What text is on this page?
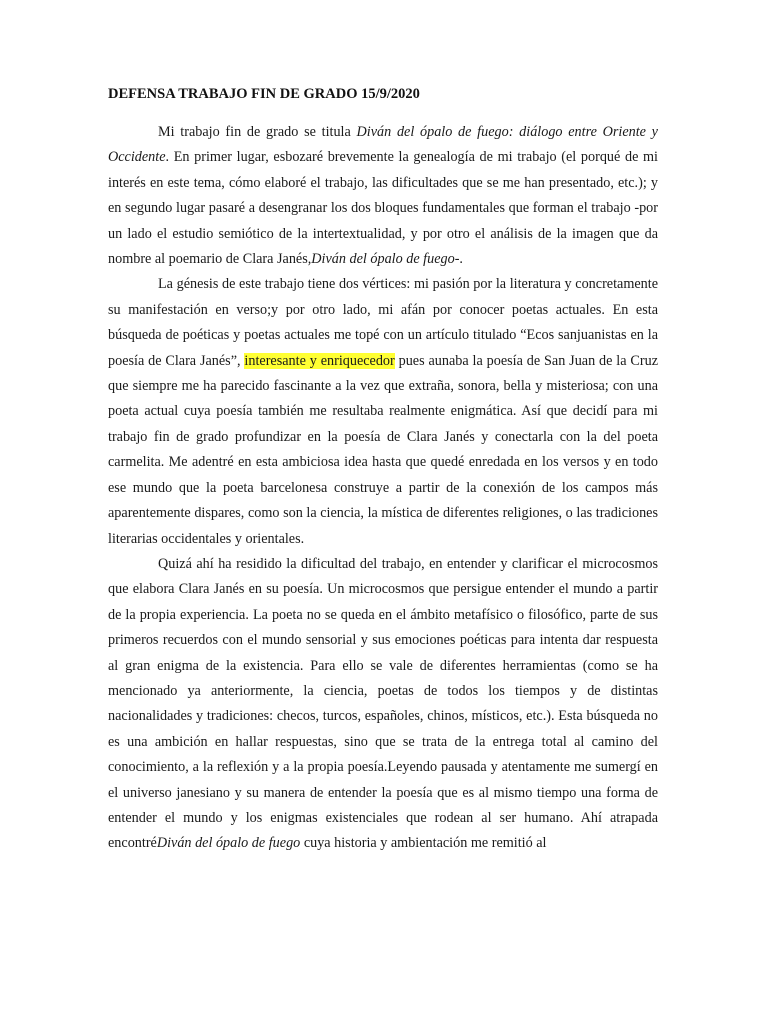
DEFENSA TRABAJO FIN DE GRADO 15/9/2020

Mi trabajo fin de grado se titula Diván del ópalo de fuego: diálogo entre Oriente y Occidente. En primer lugar, esbozaré brevemente la genealogía de mi trabajo (el porqué de mi interés en este tema, cómo elaboré el trabajo, las dificultades que se me han presentado, etc.); y en segundo lugar pasaré a desengranar los dos bloques fundamentales que forman el trabajo -por un lado el estudio semiótico de la intertextualidad, y por otro el análisis de la imagen que da nombre al poemario de Clara Janés,Diván del ópalo de fuego-.

La génesis de este trabajo tiene dos vértices: mi pasión por la literatura y concretamente su manifestación en verso;y por otro lado, mi afán por conocer poetas actuales. En esta búsqueda de poéticas y poetas actuales me topé con un artículo titulado “Ecos sanjuanistas en la poesía de Clara Janés”, interesante y enriquecedor pues aunaba la poesía de San Juan de la Cruz que siempre me ha parecido fascinante a la vez que extraña, sonora, bella y misteriosa; con una poeta actual cuya poesía también me resultaba realmente enigmática. Así que decidí para mi trabajo fin de grado profundizar en la poesía de Clara Janés y conectarla con la del poeta carmelita. Me adentré en esta ambiciosa idea hasta que quedé enredada en los versos y en todo ese mundo que la poeta barcelonesa construye a partir de la conexión de los campos más aparentemente dispares, como son la ciencia, la mística de diferentes religiones, o las tradiciones literarias occidentales y orientales.

Quizá ahí ha residido la dificultad del trabajo, en entender y clarificar el microcosmos que elabora Clara Janés en su poesía. Un microcosmos que persigue entender el mundo a partir de la propia experiencia. La poeta no se queda en el ámbito metafísico o filosófico, parte de sus primeros recuerdos con el mundo sensorial y sus emociones poéticas para intenta dar respuesta al gran enigma de la existencia. Para ello se vale de diferentes herramientas (como se ha mencionado ya anteriormente, la ciencia, poetas de todos los tiempos y de distintas nacionalidades y tradiciones: checos, turcos, españoles, chinos, místicos, etc.). Esta búsqueda no es una ambición en hallar respuestas, sino que se trata de la entrega total al camino del conocimiento, a la reflexión y a la propia poesía.Leyendo pausada y atentamente me sumergí en el universo janesiano y su manera de entender la poesía que es al mismo tiempo una forma de entender el mundo y los enigmas existenciales que rodean al ser humano. Ahí atrapada encontréDiván del ópalo de fuego cuya historia y ambientación me remitió al
